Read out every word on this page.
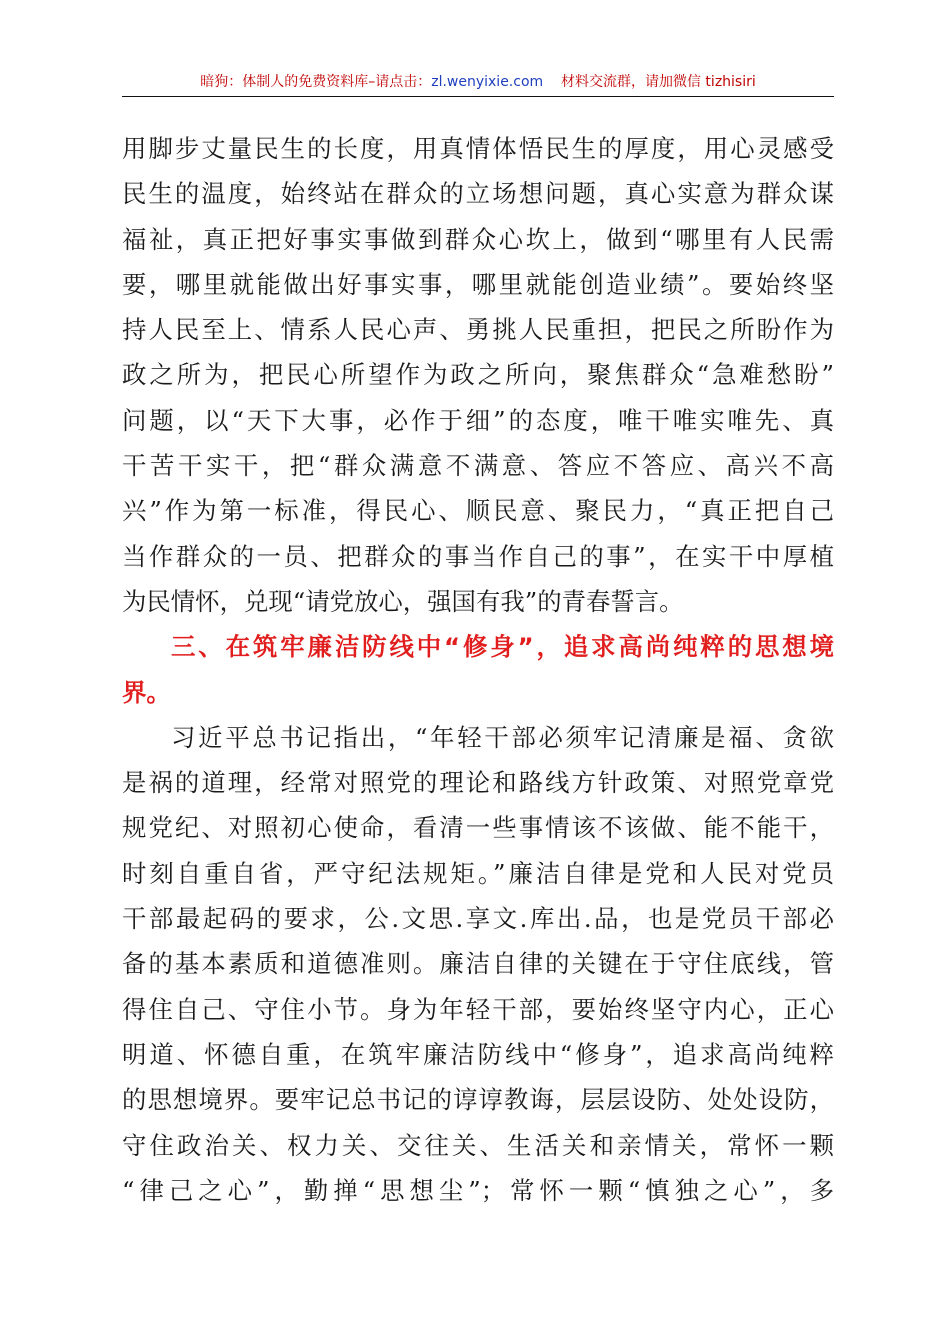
暗狗：体制人的免费资料库–请点击：zl.wenyixie.com 材料交流群，请加微信 tizhisiri
用脚步丈量民生的长度，用真情体悟民生的厚度，用心灵感受
民生的温度，始终站在群众的立场想问题，真心实意为群众谋
福祉，真正把好事实事做到群众心坎上，做到“哪里有人民需
要，哪里就能做出好事实事，哪里就能创造业绩”。要始终坚
持人民至上、情系人民心声、勇挑人民重担，把民之所盼作为
政之所为，把民心所望作为政之所向，聚焦群众“急难愁盼”
问题，以“天下大事，必作于细”的态度，唯干唯实唯先、真
干苦干实干，把“群众满意不满意、答应不答应、高兴不高
兴”作为第一标准，得民心、顺民意、聚民力，“真正把自己
当作群众的一员、把群众的事当作自己的事”，在实干中厚植
为民情怀，兑现“请党放心，强国有我”的青春誓言。
三、在筑牢廉洁防线中“修身”，追求高尚纯粹的思想境
界。
习近平总书记指出，“年轻干部必须牢记清廉是福、贪欲
是祸的道理，经常对照党的理论和路线方针政策、对照党章党
规党纪、对照初心使命，看清一些事情该不该做、能不能干，
时刻自重自省，严守纪法规矩。”廉洁自律是党和人民对党员
干部最起码的要求，公.文思.享文.库出.品，也是党员干部必
备的基本素质和道德准则。廉洁自律的关键在于守住底线，管
得住自己、守住小节。身为年轻干部，要始终坚守内心，正心
明道、怀德自重，在筑牢廉洁防线中“修身”，追求高尚纯粹
的思想境界。要牢记总书记的谆谆教诲，层层设防、处处设防，
守住政治关、权力关、交往关、生活关和亲情关，常怀一颗
“律己之心”，勤掸“思想尘”；常怀一颗“慎独之心”，多
